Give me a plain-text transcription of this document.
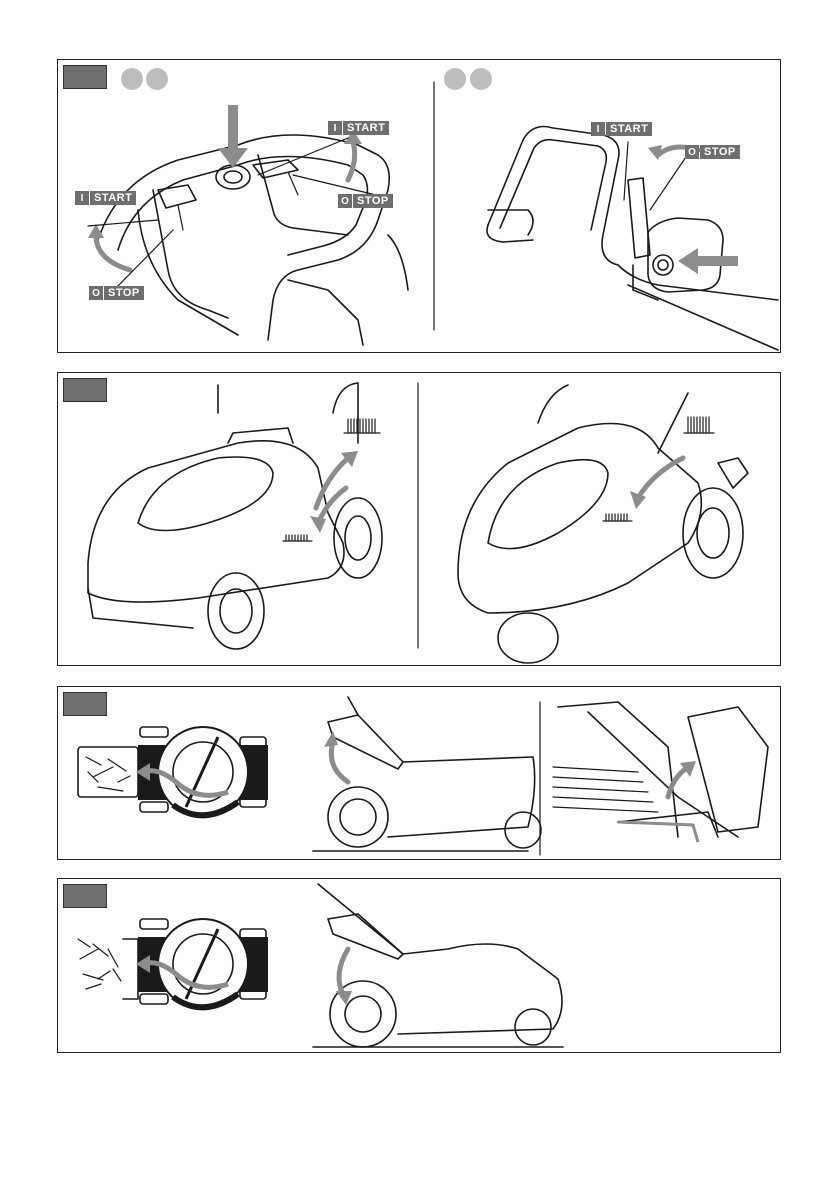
I START
O STOP
I START
O STOP
I START
O STOP
